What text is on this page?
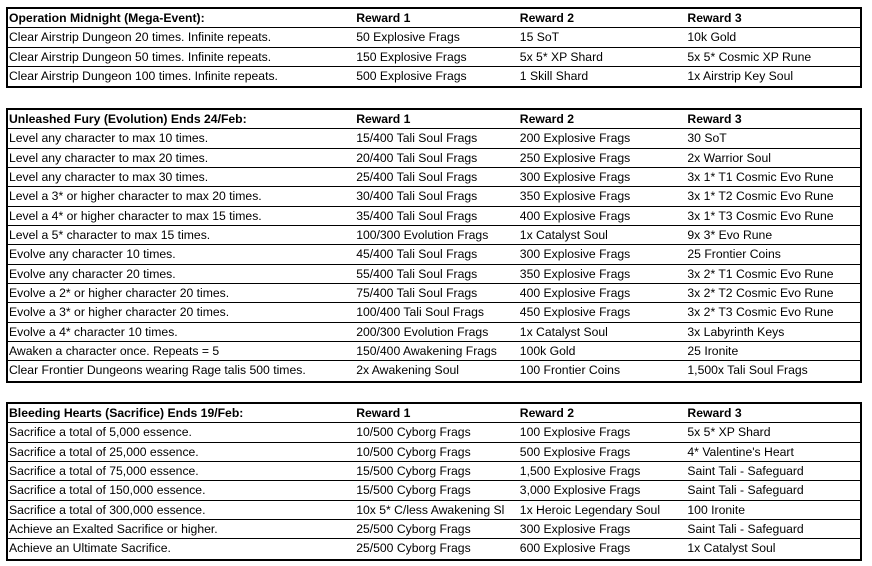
Operation Midnight (Mega-Event):	Reward 1	Reward 2	Reward 3
Clear Airstrip Dungeon 20 times. Infinite repeats.	50 Explosive Frags	15 SoT	10k Gold
Clear Airstrip Dungeon 50 times. Infinite repeats.	150 Explosive Frags	5x 5* XP Shard	5x 5* Cosmic XP Rune
Clear Airstrip Dungeon 100 times. Infinite repeats.	500 Explosive Frags	1 Skill Shard	1x Airstrip Key Soul
Unleashed Fury (Evolution) Ends 24/Feb:	Reward 1	Reward 2	Reward 3
Level any character to max 10 times.	15/400 Tali Soul Frags	200 Explosive Frags	30 SoT
Level any character to max 20 times.	20/400 Tali Soul Frags	250 Explosive Frags	2x Warrior Soul
Level any character to max 30 times.	25/400 Tali Soul Frags	300 Explosive Frags	3x 1* T1 Cosmic Evo Rune
Level a 3* or higher character to max 20 times.	30/400 Tali Soul Frags	350 Explosive Frags	3x 1* T2 Cosmic Evo Rune
Level a 4* or higher character to max 15 times.	35/400 Tali Soul Frags	400 Explosive Frags	3x 1* T3 Cosmic Evo Rune
Level a 5* character to max 15 times.	100/300 Evolution Frags	1x Catalyst Soul	9x 3* Evo Rune
Evolve any character 10 times.	45/400 Tali Soul Frags	300 Explosive Frags	25 Frontier Coins
Evolve any character 20 times.	55/400 Tali Soul Frags	350 Explosive Frags	3x 2* T1 Cosmic Evo Rune
Evolve a 2* or higher character 20 times.	75/400 Tali Soul Frags	400 Explosive Frags	3x 2* T2 Cosmic Evo Rune
Evolve a 3* or higher character 20 times.	100/400 Tali Soul Frags	450 Explosive Frags	3x 2* T3 Cosmic Evo Rune
Evolve a 4* character 10 times.	200/300 Evolution Frags	1x Catalyst Soul	3x Labyrinth Keys
Awaken a character once. Repeats = 5	150/400 Awakening Frags	100k Gold	25 Ironite
Clear Frontier Dungeons wearing Rage talis 500 times.	2x Awakening Soul	100 Frontier Coins	1,500x Tali Soul Frags
Bleeding Hearts (Sacrifice) Ends 19/Feb:	Reward 1	Reward 2	Reward 3
Sacrifice a total of 5,000 essence.	10/500 Cyborg Frags	100 Explosive Frags	5x 5* XP Shard
Sacrifice a total of 25,000 essence.	10/500 Cyborg Frags	500 Explosive Frags	4* Valentine's Heart
Sacrifice a total of 75,000 essence.	15/500 Cyborg Frags	1,500 Explosive Frags	Saint Tali - Safeguard
Sacrifice a total of 150,000 essence.	15/500 Cyborg Frags	3,000 Explosive Frags	Saint Tali - Safeguard
Sacrifice a total of 300,000 essence.	10x 5* C/less Awakening Sl	1x Heroic Legendary Soul	100 Ironite
Achieve an Exalted Sacrifice or higher.	25/500 Cyborg Frags	300 Explosive Frags	Saint Tali - Safeguard
Achieve an Ultimate Sacrifice.	25/500 Cyborg Frags	600 Explosive Frags	1x Catalyst Soul
